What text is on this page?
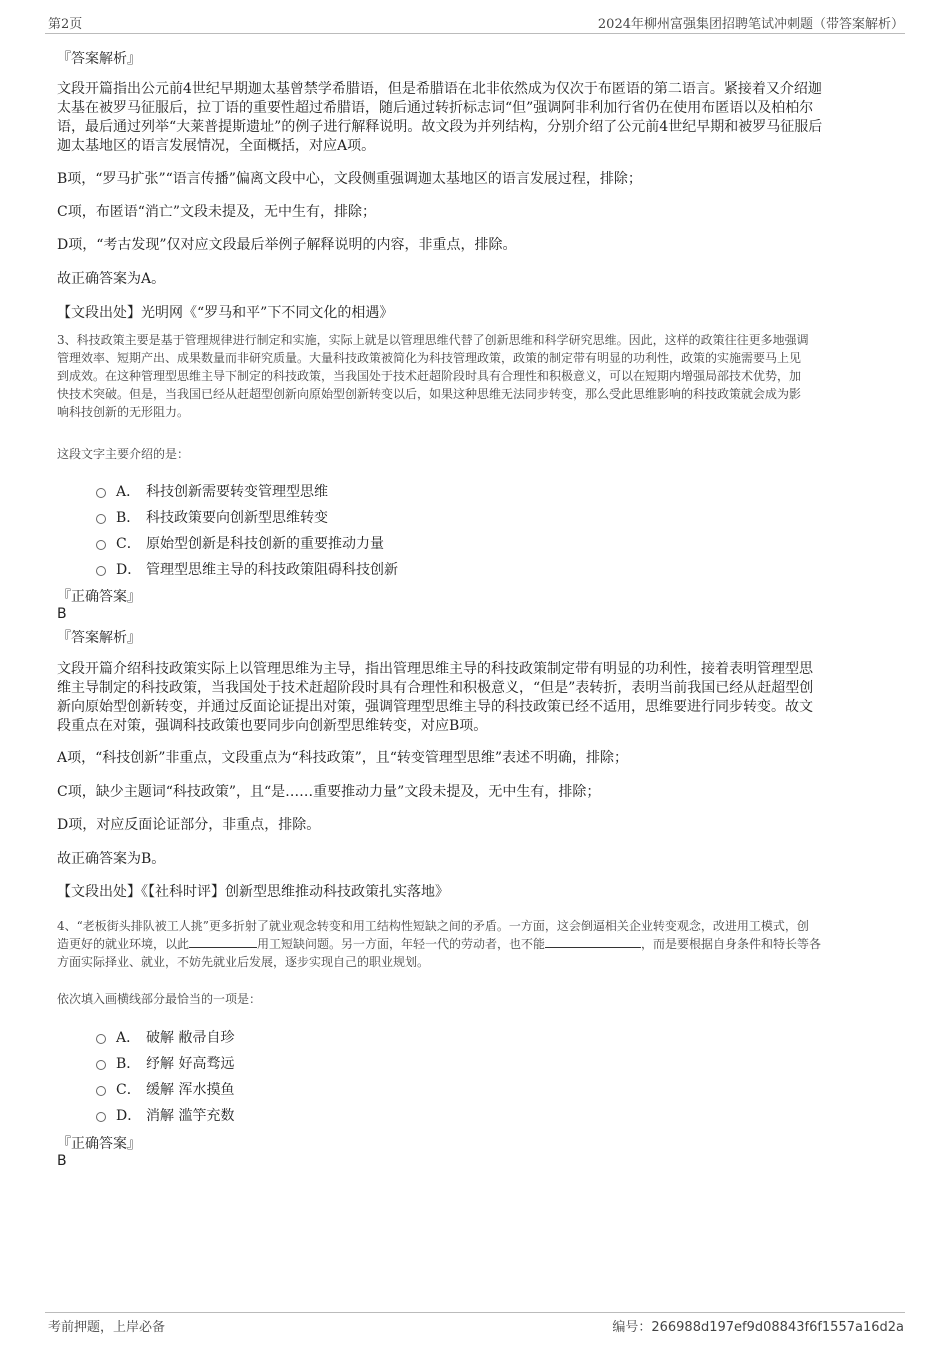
第2页	2024年柳州富强集团招聘笔试冲刺题（带答案解析）
『答案解析』
文段开篇指出公元前4世纪早期迦太基曾禁学希腊语，但是希腊语在北非依然成为仅次于布匿语的第二语言。紧接着又介绍迦
太基在被罗马征服后，拉丁语的重要性超过希腊语，随后通过转折标志词“但”强调阿非利加行省仍在使用布匿语以及柏柏尔
语，最后通过列举“大莱普提斯遗址”的例子进行解释说明。故文段为并列结构，分别介绍了公元前4世纪早期和被罗马征服后
迦太基地区的语言发展情况，全面概括，对应A项。
B项，“罗马扩张”“语言传播”偏离文段中心，文段侧重强调迦太基地区的语言发展过程，排除；
C项，布匿语“消亡”文段未提及，无中生有，排除；
D项，“考古发现”仅对应文段最后举例子解释说明的内容，非重点，排除。
故正确答案为A。
【文段出处】光明网《“罗马和平”下不同文化的相遇》
3、科技政策主要是基于管理规律进行制定和实施，实际上就是以管理思维代替了创新思维和科学研究思维。因此，这样的政策往往更多地强调
管理效率、短期产出、成果数量而非研究质量。大量科技政策被简化为科技管理政策，政策的制定带有明显的功利性，政策的实施需要马上见
到成效。在这种管理型思维主导下制定的科技政策，当我国处于技术赶超阶段时具有合理性和积极意义，可以在短期内增强局部技术优势，加
快技术突破。但是，当我国已经从赶超型创新向原始型创新转变以后，如果这种思维无法同步转变，那么受此思维影响的科技政策就会成为影
响科技创新的无形阻力。
这段文字主要介绍的是：
A． 科技创新需要转变管理型思维
B． 科技政策要向创新型思维转变
C． 原始型创新是科技创新的重要推动力量
D． 管理型思维主导的科技政策阻碍科技创新
『正确答案』
B
『答案解析』
文段开篇介绍科技政策实际上以管理思维为主导，指出管理思维主导的科技政策制定带有明显的功利性，接着表明管理型思
维主导制定的科技政策，当我国处于技术赶超阶段时具有合理性和积极意义，“但是”表转折，表明当前我国已经从赶超型创
新向原始型创新转变，并通过反面论证提出对策，强调管理型思维主导的科技政策已经不适用，思维要进行同步转变。故文
段重点在对策，强调科技政策也要同步向创新型思维转变，对应B项。
A项，“科技创新”非重点，文段重点为“科技政策”，且“转变管理型思维”表述不明确，排除；
C项，缺少主题词“科技政策”，且“是……重要推动力量”文段未提及，无中生有，排除；
D项，对应反面论证部分，非重点，排除。
故正确答案为B。
【文段出处】《【社科时评】创新型思维推动科技政策扎实落地》
4、“老板街头排队被工人挑”更多折射了就业观念转变和用工结构性短缺之间的矛盾。一方面，这会倒逼相关企业转变观念，改进用工模式，创
造更好的就业环境，以此	用工短缺问题。另一方面，年轻一代的劳动者，也不能	，而是要根据自身条件和特长等各
方面实际择业、就业，不妨先就业后发展，逐步实现自己的职业规划。
依次填入画横线部分最恰当的一项是：
A． 破解 敝帚自珍
B． 纾解 好高骛远
C． 缓解 浑水摸鱼
D． 消解 滥竽充数
『正确答案』
B
考前押题，上岸必备	编号：266988d197ef9d08843f6f1557a16d2a
